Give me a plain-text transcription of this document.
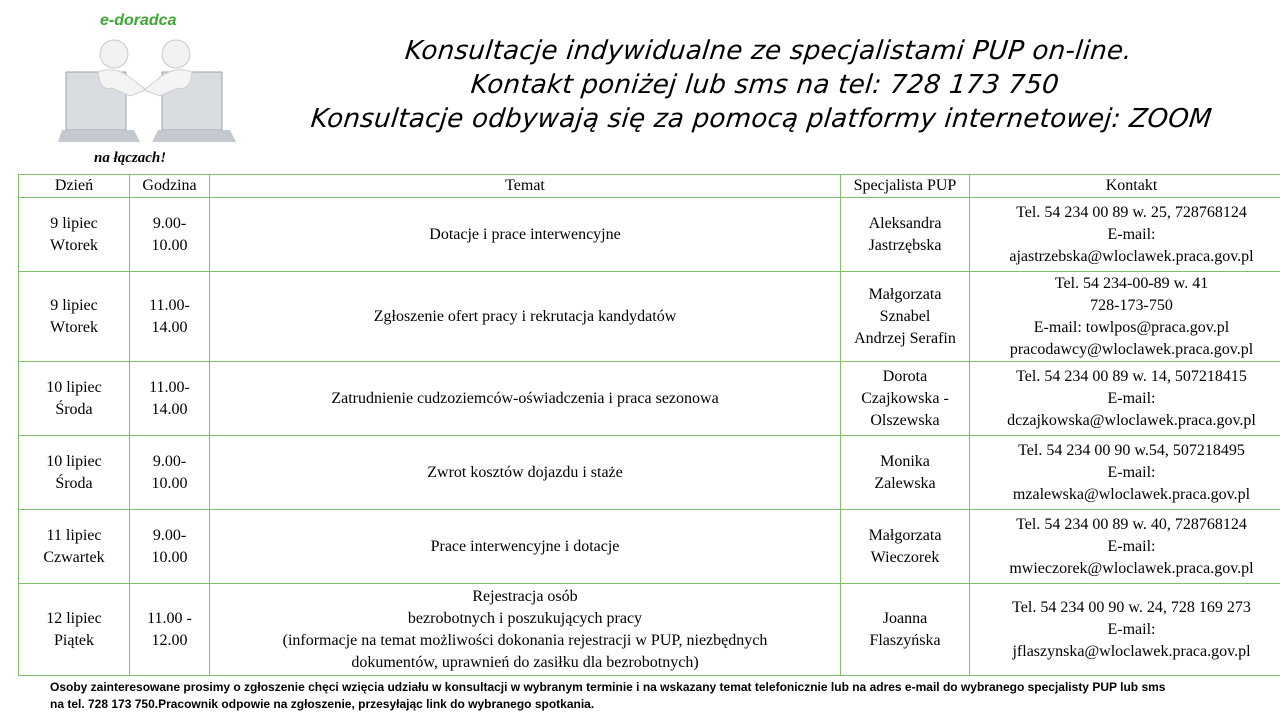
e-doradca
na łączach!
Konsultacje indywidualne ze specjalistami PUP on-line.
Kontakt poniżej lub sms na tel: 728 173 750
Konsultacje odbywają się za pomocą platformy internetowej: ZOOM
Dzień	Godzina	Temat	Specjalista PUP	Kontakt

9 lipiec
Wtorek	9.00-
10.00	Dotacje i prace interwencyjne	Aleksandra
Jastrzębska	Tel. 54 234 00 89 w. 25, 728768124
E-mail:
ajastrzebska@wloclawek.praca.gov.pl

9 lipiec
Wtorek	11.00-
14.00	Zgłoszenie ofert pracy i rekrutacja kandydatów	Małgorzata
Sznabel
Andrzej Serafin	Tel. 54 234-00-89 w. 41
728-173-750
E-mail: towlpos@praca.gov.pl
pracodawcy@wloclawek.praca.gov.pl

10 lipiec
Środa	11.00-
14.00	Zatrudnienie cudzoziemców-oświadczenia i praca sezonowa	Dorota
Czajkowska -
Olszewska	Tel. 54 234 00 89 w. 14, 507218415
E-mail:
dczajkowska@wloclawek.praca.gov.pl

10 lipiec
Środa	9.00-
10.00	Zwrot kosztów dojazdu i staże	Monika
Zalewska	Tel. 54 234 00 90 w.54, 507218495
E-mail:
mzalewska@wloclawek.praca.gov.pl

11 lipiec
Czwartek	9.00-
10.00	Prace interwencyjne i dotacje	Małgorzata
Wieczorek	Tel. 54 234 00 89 w. 40, 728768124
E-mail:
mwieczorek@wloclawek.praca.gov.pl

12 lipiec
Piątek	11.00 -
12.00	Rejestracja osób
bezrobotnych i poszukujących pracy
(informacje na temat możliwości dokonania rejestracji w PUP, niezbędnych
dokumentów, uprawnień do zasiłku dla bezrobotnych)	Joanna
Flaszyńska	Tel. 54 234 00 90 w. 24, 728 169 273
E-mail:
jflaszynska@wloclawek.praca.gov.pl
Osoby zainteresowane prosimy o zgłoszenie chęci wzięcia udziału w konsultacji w wybranym terminie i na wskazany temat telefonicznie lub na adres e-mail do wybranego specjalisty PUP lub sms
na tel. 728 173 750.Pracownik odpowie na zgłoszenie, przesyłając link do wybranego spotkania.
